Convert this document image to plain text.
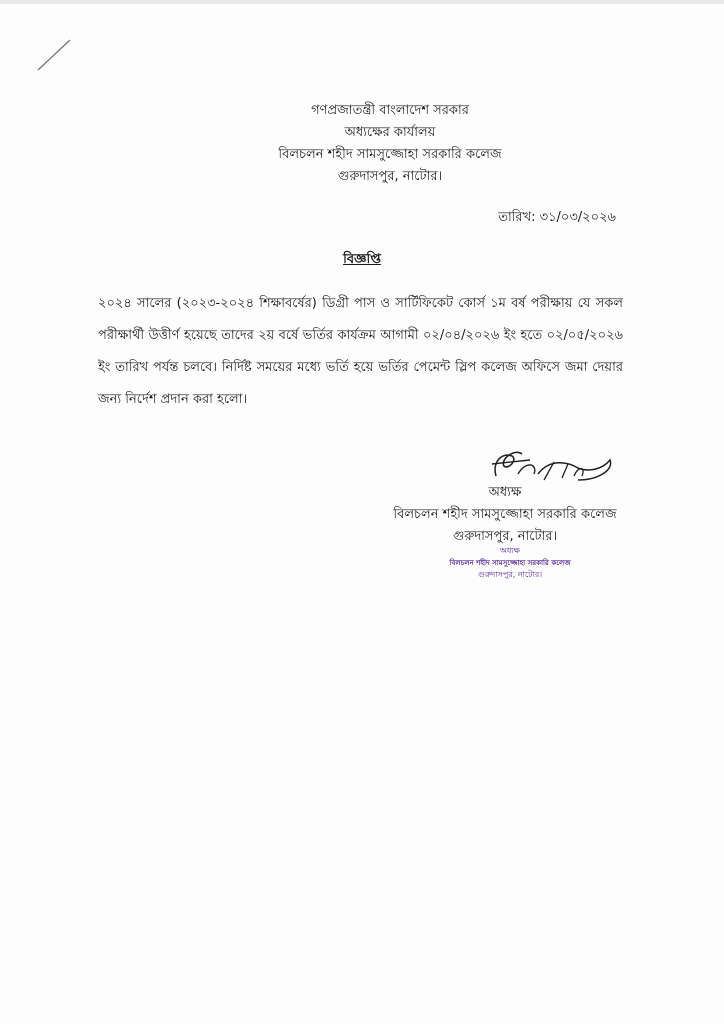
গণপ্রজাতন্ত্রী বাংলাদেশ সরকার
অধ্যক্ষের কার্যালয়
বিলচলন শহীদ সামসুজ্জোহা সরকারি কলেজ
গুরুদাসপুর, নাটোর।
তারিখ: ৩১/০৩/২০২৬
বিজ্ঞপ্তি
২০২৪ সালের (২০২৩-২০২৪ শিক্ষাবর্ষের) ডিগ্রী পাস ও সার্টিফিকেট কোর্স ১ম বর্ষ পরীক্ষায় যে সকল পরীক্ষার্থী উত্তীর্ণ হয়েছে তাদের ২য় বর্ষে ভর্তির কার্যক্রম আগামী ০২/০৪/২০২৬ ইং হতে ০২/০৫/২০২৬ ইং তারিখ পর্যন্ত চলবে। নির্দিষ্ট সময়ের মধ্যে ভর্তি হয়ে ভর্তির পেমেন্ট স্লিপ কলেজ অফিসে জমা দেয়ার জন্য নির্দেশ প্রদান করা হলো।
অধ্যক্ষ
বিলচলন শহীদ সামসুজ্জোহা সরকারি কলেজ
গুরুদাসপুর, নাটোর।
অধ্যক্ষ
বিলচলন শহীদ সামসুজ্জোহা সরকারি কলেজ
গুরুদাসপুর, নাটোর।
